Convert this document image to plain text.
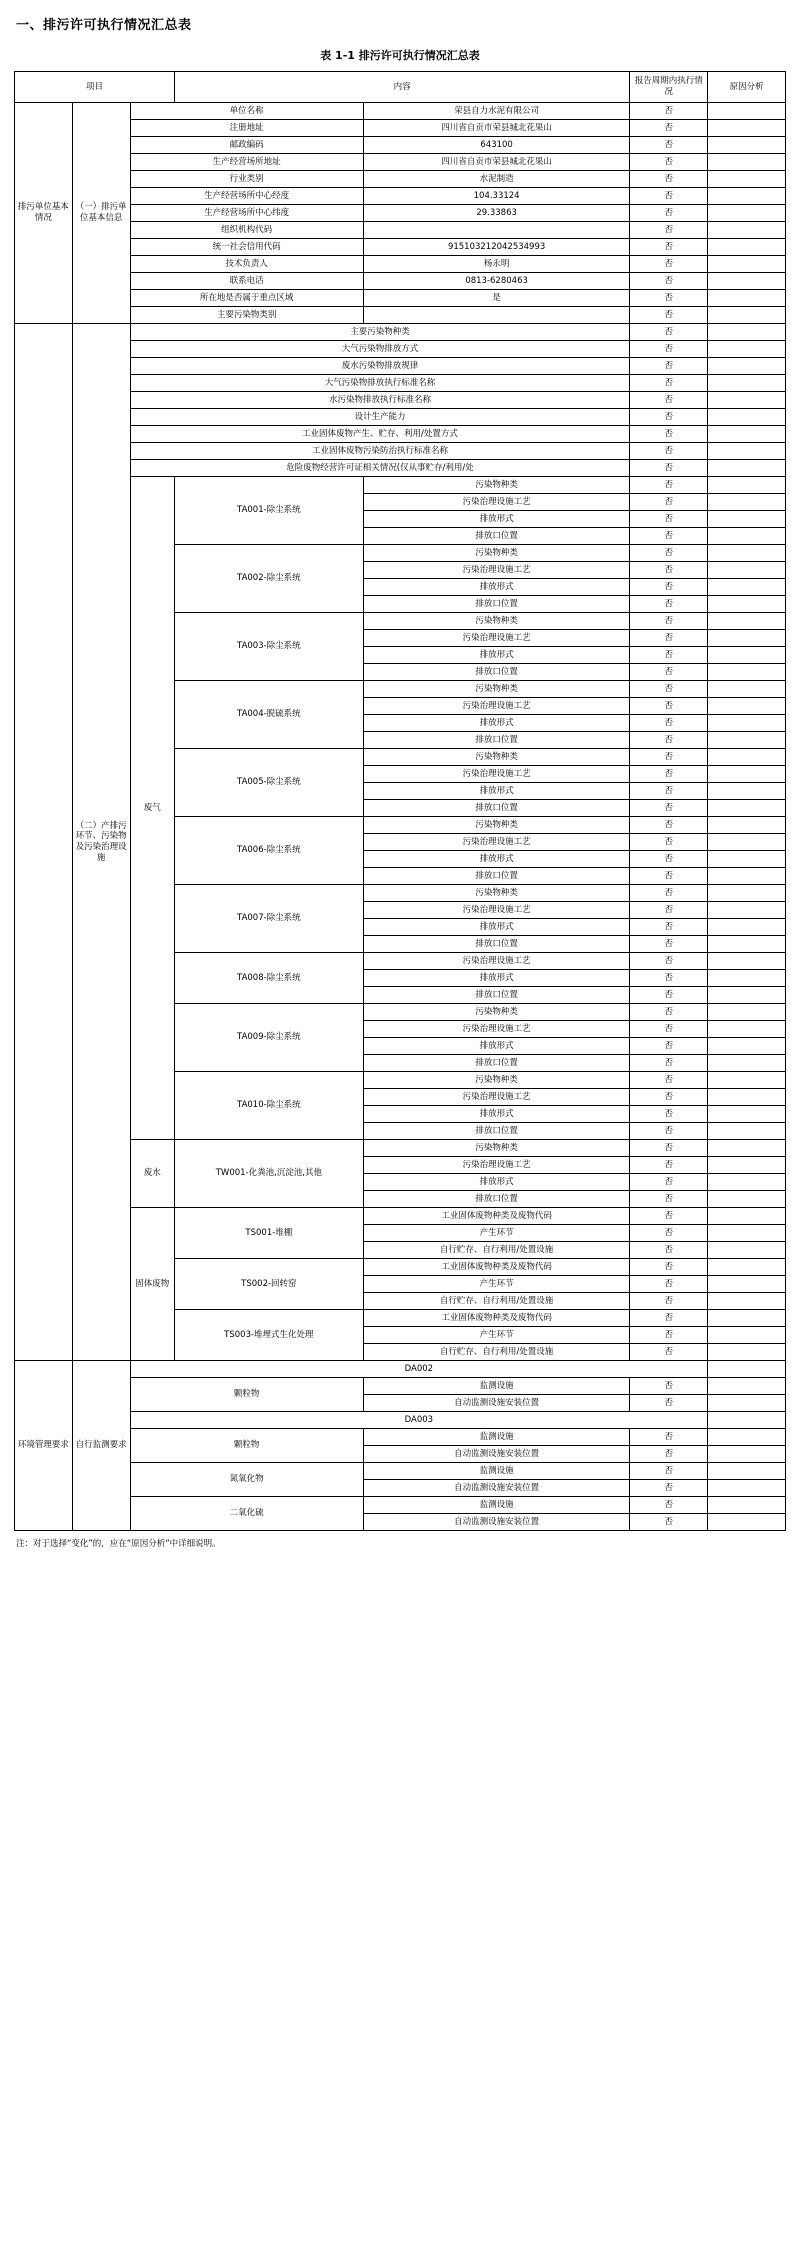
一、排污许可执行情况汇总表
表 1-1 排污许可执行情况汇总表
项目			内容		报告周期内执行情况	原因分析
排污单位基本情况	（一）排污单位基本信息	单位名称		荣县自力水泥有限公司	否	
		注册地址		四川省自贡市荣县城北花果山	否	
		邮政编码		643100	否	
		生产经营场所地址		四川省自贡市荣县城北花果山	否	
		行业类别		水泥制造	否	
		生产经营场所中心经度		104.33124	否	
		生产经营场所中心纬度		29.33863	否	
		组织机构代码			否	
		统一社会信用代码		915103212042534993	否	
		技术负责人		杨永明	否	
		联系电话		0813-6280463	否	
		所在地是否属于重点区域		是	否	
		主要污染物类别			否	
	（二）产排污环节、污染物及污染治理设施	主要污染物种类			否	
		大气污染物排放方式			否	
		废水污染物排放规律			否	
		大气污染物排放执行标准名称			否	
		水污染物排放执行标准名称			否	
		设计生产能力			否	
		工业固体废物产生、贮存、利用/处置方式			否	
		工业固体废物污染防治执行标准名称			否	
		危险废物经营许可证相关情况(仅从事贮存/利用/处			否	
		废气	TA001-除尘系统	污染物种类	否	
				污染治理设施工艺	否	
				排放形式	否	
				排放口位置	否	
			TA002-除尘系统	污染物种类	否	
				污染治理设施工艺	否	
				排放形式	否	
				排放口位置	否	
			TA003-除尘系统	污染物种类	否	
				污染治理设施工艺	否	
				排放形式	否	
				排放口位置	否	
			TA004-脱硫系统	污染物种类	否	
				污染治理设施工艺	否	
				排放形式	否	
				排放口位置	否	
			TA005-除尘系统	污染物种类	否	
				污染治理设施工艺	否	
				排放形式	否	
				排放口位置	否	
			TA006-除尘系统	污染物种类	否	
				污染治理设施工艺	否	
				排放形式	否	
				排放口位置	否	
			TA007-除尘系统	污染物种类	否	
				污染治理设施工艺	否	
				排放形式	否	
				排放口位置	否	
			TA008-除尘系统	污染治理设施工艺	否	
				排放形式	否	
				排放口位置	否	
			TA009-除尘系统	污染物种类	否	
				污染治理设施工艺	否	
				排放形式	否	
				排放口位置	否	
			TA010-除尘系统	污染物种类	否	
				污染治理设施工艺	否	
				排放形式	否	
				排放口位置	否	
		废水	TW001-化粪池,沉淀池,其他	污染物种类	否	
				污染治理设施工艺	否	
				排放形式	否	
				排放口位置	否	
		固体废物	TS001-堆棚	工业固体废物种类及废物代码	否	
				产生环节	否	
				自行贮存、自行利用/处置设施	否	
			TS002-回转窑	工业固体废物种类及废物代码	否	
				产生环节	否	
				自行贮存、自行利用/处置设施	否	
			TS003-堆埋式生化处理	工业固体废物种类及废物代码	否	
				产生环节	否	
				自行贮存、自行利用/处置设施	否	
环境管理要求	自行监测要求	DA002				
		颗粒物		监测设施	否	
				自动监测设施安装位置	否	
		DA003				
		颗粒物		监测设施	否	
				自动监测设施安装位置	否	
		氮氧化物		监测设施	否	
				自动监测设施安装位置	否	
		二氧化硫		监测设施	否	
				自动监测设施安装位置	否	
注：对于选择“变化”的，应在“原因分析”中详细说明。
